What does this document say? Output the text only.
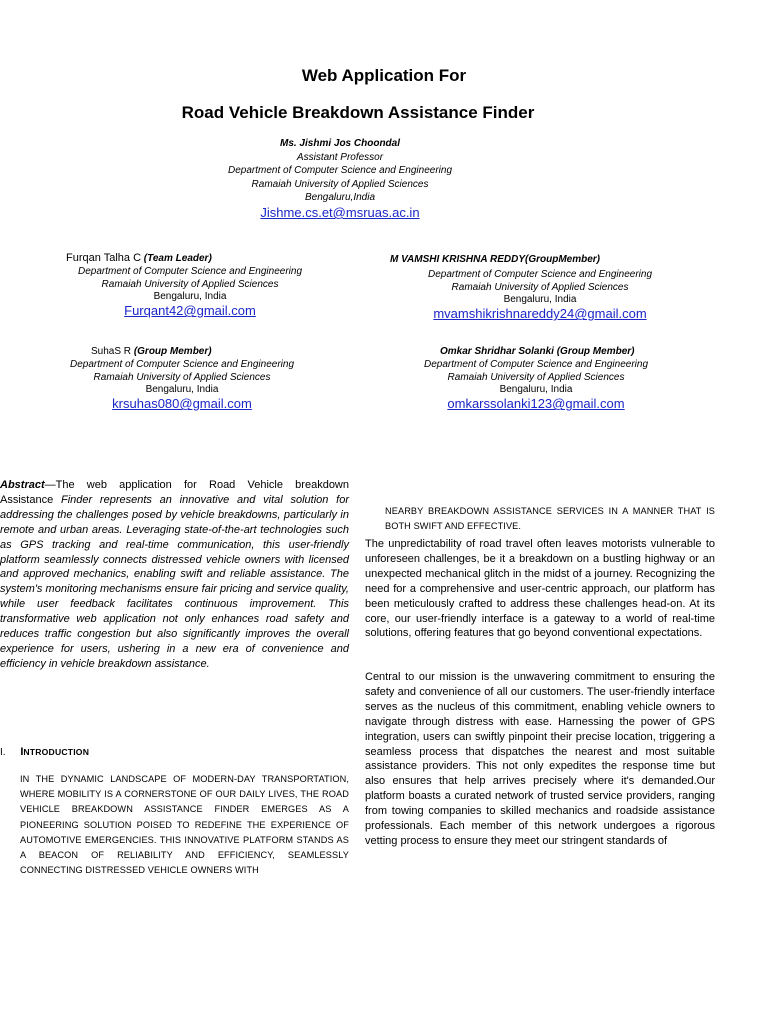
Web Application For
Road Vehicle Breakdown Assistance Finder
Ms. Jishmi Jos Choondal
Assistant Professor
Department of Computer Science and Engineering
Ramaiah University of Applied Sciences
Bengaluru,India
Jishme.cs.et@msruas.ac.in
Furqan Talha C (Team Leader)
Department of Computer Science and Engineering
Ramaiah University of Applied Sciences
Bengaluru, India
Furqant42@gmail.com
M VAMSHI KRISHNA REDDY(GroupMember)
Department of Computer Science and Engineering
Ramaiah University of Applied Sciences
Bengaluru, India
mvamshikrishnareddy24@gmail.com
SuhaS R (Group Member)
Department of Computer Science and Engineering
Ramaiah University of Applied Sciences
Bengaluru, India
krsuhas080@gmail.com
Omkar Shridhar Solanki (Group Member)
Department of Computer Science and Engineering
Ramaiah University of Applied Sciences
Bengaluru, India
omkarssolanki123@gmail.com
Abstract—The web application for Road Vehicle breakdown Assistance Finder represents an innovative and vital solution for addressing the challenges posed by vehicle breakdowns, particularly in remote and urban areas. Leveraging state-of-the-art technologies such as GPS tracking and real-time communication, this user-friendly platform seamlessly connects distressed vehicle owners with licensed and approved mechanics, enabling swift and reliable assistance. The system's monitoring mechanisms ensure fair pricing and service quality, while user feedback facilitates continuous improvement. This transformative web application not only enhances road safety and reduces traffic congestion but also significantly improves the overall experience for users, ushering in a new era of convenience and efficiency in vehicle breakdown assistance.
I. INTRODUCTION
IN THE DYNAMIC LANDSCAPE OF MODERN-DAY TRANSPORTATION, WHERE MOBILITY IS A CORNERSTONE OF OUR DAILY LIVES, THE ROAD VEHICLE BREAKDOWN ASSISTANCE FINDER EMERGES AS A PIONEERING SOLUTION POISED TO REDEFINE THE EXPERIENCE OF AUTOMOTIVE EMERGENCIES. THIS INNOVATIVE PLATFORM STANDS AS A BEACON OF RELIABILITY AND EFFICIENCY, SEAMLESSLY CONNECTING DISTRESSED VEHICLE OWNERS WITH
NEARBY BREAKDOWN ASSISTANCE SERVICES IN A MANNER THAT IS BOTH SWIFT AND EFFECTIVE.
The unpredictability of road travel often leaves motorists vulnerable to unforeseen challenges, be it a breakdown on a bustling highway or an unexpected mechanical glitch in the midst of a journey. Recognizing the need for a comprehensive and user-centric approach, our platform has been meticulously crafted to address these challenges head-on. At its core, our user-friendly interface is a gateway to a world of real-time solutions, offering features that go beyond conventional expectations.
Central to our mission is the unwavering commitment to ensuring the safety and convenience of all our customers. The user-friendly interface serves as the nucleus of this commitment, enabling vehicle owners to navigate through distress with ease. Harnessing the power of GPS integration, users can swiftly pinpoint their precise location, triggering a seamless process that dispatches the nearest and most suitable assistance providers. This not only expedites the response time but also ensures that help arrives precisely where it's demanded.Our platform boasts a curated network of trusted service providers, ranging from towing companies to skilled mechanics and roadside assistance professionals. Each member of this network undergoes a rigorous vetting process to ensure they meet our stringent standards of
